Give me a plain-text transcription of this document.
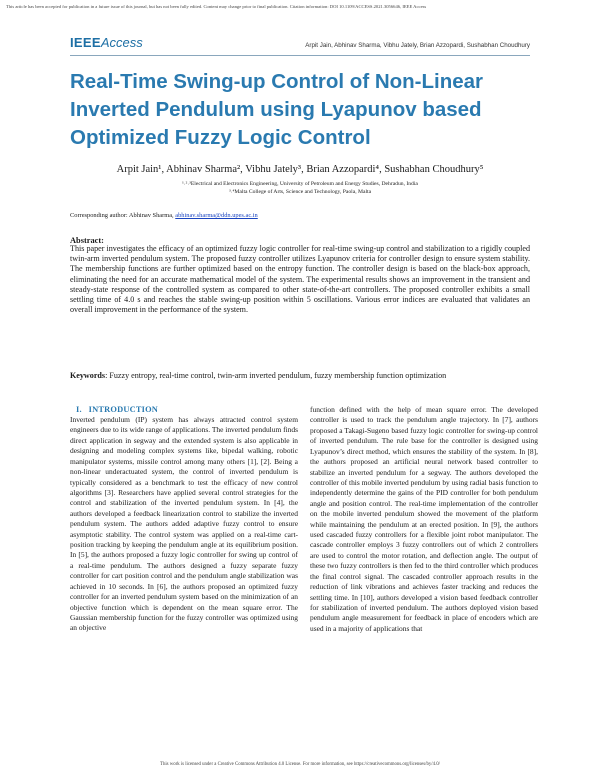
This article has been accepted for publication in a future issue of this journal, but has not been fully edited. Content may change prior to final publication. Citation information: DOI 10.1109/ACCESS.2021.3056646, IEEE Access
IEEEAccess	Arpit Jain, Abhinav Sharma, Vibhu Jately, Brian Azzopardi, Sushabhan Choudhury
Real-Time Swing-up Control of Non-Linear
Inverted Pendulum using Lyapunov based
Optimized Fuzzy Logic Control
Arpit Jain¹, Abhinav Sharma², Vibhu Jately³, Brian Azzopardi⁴, Sushabhan Choudhury⁵
¹˒²˒³Electrical and Electronics Engineering, University of Petroleum and Energy Studies, Dehradun, India
³˒⁴Malta College of Arts, Science and Technology, Paola, Malta
Corresponding author: Abhinav Sharma, abhinav.sharma@ddn.upes.ac.in
Abstract:
This paper investigates the efficacy of an optimized fuzzy logic controller for real-time swing-up control and stabilization to a rigidly coupled twin-arm inverted pendulum system. The proposed fuzzy controller utilizes Lyapunov criteria for controller design to ensure system stability. The membership functions are further optimized based on the entropy function. The controller design is based on the black-box approach, eliminating the need for an accurate mathematical model of the system. The experimental results shows an improvement in the transient and steady-state response of the controlled system as compared to other state-of-the-art controllers. The proposed controller exhibits a small settling time of 4.0 s and reaches the stable swing-up position within 5 oscillations. Various error indices are evaluated that validates an overall improvement in the performance of the system.
Keywords: Fuzzy entropy, real-time control, twin-arm inverted pendulum, fuzzy membership function optimization
I.   INTRODUCTION
Inverted pendulum (IP) system has always attracted control system engineers due to its wide range of applications. The inverted pendulum finds direct application in segway and the extended system is also applicable in designing and modeling complex systems like, bipedal walking, robotic manipulator systems, missile control among many others [1], [2]. Being a non-linear underactuated system, the control of inverted pendulum is typically considered as a benchmark to test the efficacy of new control algorithms [3]. Researchers have applied several control strategies for the control and stabilization of the inverted pendulum system. In [4], the authors developed a feedback linearization control to stabilize the inverted pendulum system. The authors added adaptive fuzzy control to ensure asymptotic stability. The control system was applied on a real-time cart-position tracking by keeping the pendulum angle at its equilibrium position. In [5], the authors proposed a fuzzy logic controller for swing up control of a real-time pendulum. The authors designed a fuzzy separate fuzzy controller for cart position control and the pendulum angle stabilization was achieved in 10 seconds. In [6], the authors proposed an optimized fuzzy controller for an inverted pendulum system based on the minimization of an objective function which is dependent on the mean square error. The Gaussian membership function for the fuzzy controller was optimized using an objective
function defined with the help of mean square error. The developed controller is used to track the pendulum angle trajectory. In [7], authors proposed a Takagi-Sugeno based fuzzy logic controller for swing-up control of inverted pendulum. The rule base for the controller is designed using Lyapunov’s direct method, which ensures the stability of the system. In [8], the authors proposed an artificial neural network based controller to stabilize an inverted pendulum for a segway. The authors developed the controller of this mobile inverted pendulum by using radial basis function to independently determine the gains of the PID controller for both pendulum angle and position control. The real-time implementation of the controller on the mobile inverted pendulum showed the movement of the platform while maintaining the pendulum at an erected position. In [9], the authors used cascaded fuzzy controllers for a flexible joint robot manipulator. The cascade controller employs 3 fuzzy controllers out of which 2 controllers are used to control the motor rotation, and deflection angle. The output of these two fuzzy controllers is then fed to the third controller which produces the final control signal. The cascaded controller approach results in the reduction of link vibrations and achieves faster tracking and reduces the settling time. In [10], authors developed a vision based feedback controller for stabilization of inverted pendulum. The authors deployed vision based pendulum angle measurement for feedback in place of encoders which are used in a majority of applications that
This work is licensed under a Creative Commons Attribution 4.0 License. For more information, see https://creativecommons.org/licenses/by/4.0/
